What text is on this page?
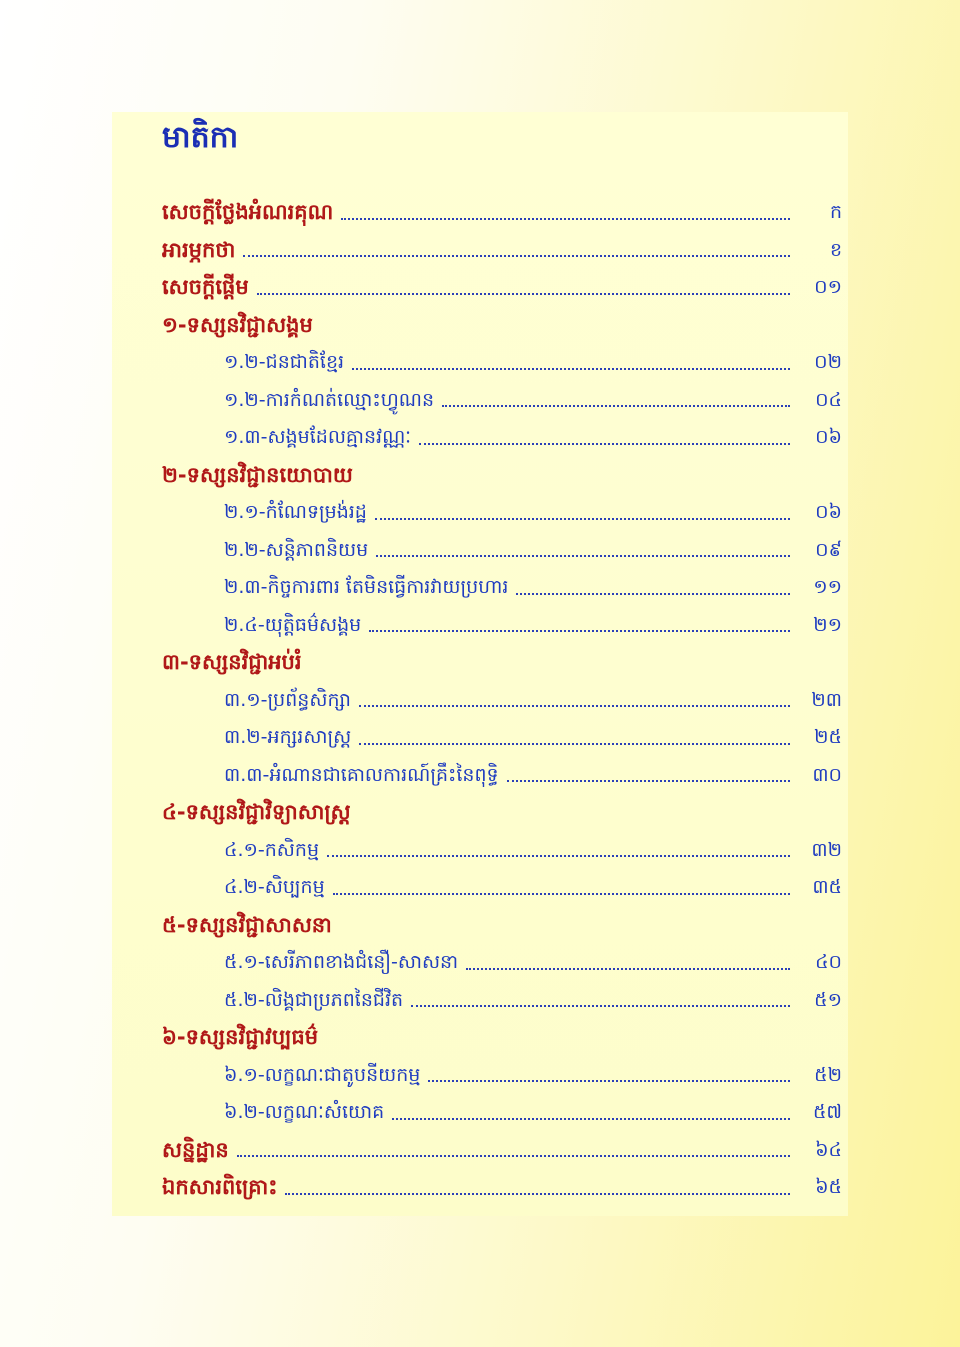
មាតិកា
សេចក្តីថ្លែងអំណរគុណ	ក
អារម្ភកថា	ខ
សេចក្តីផ្តើម	០១
១-ទស្សនវិជ្ជាសង្គម
១.២-ជនជាតិខ្មែរ	០២
១.២-ការកំណត់ឈ្មោះហ្វូណន	០៤
១.៣-សង្គមដែលគ្មានវណ្ណៈ	០៦
២-ទស្សនវិជ្ជានយោបាយ
២.១-កំណែទម្រង់រដ្ឋ	០៦
២.២-សន្តិភាពនិយម	០៩
២.៣-កិច្ចការពារ តែមិនធ្វើការវាយប្រហារ	១១
២.៤-យុត្តិធម៌សង្គម	២១
៣-ទស្សនវិជ្ជាអប់រំ
៣.១-ប្រព័ន្ធសិក្សា	២៣
៣.២-អក្សរសាស្ត្រ	២៥
៣.៣-អំណានជាគោលការណ៍គ្រឹះនៃពុទ្ធិ	៣០
៤-ទស្សនវិជ្ជាវិទ្យាសាស្ត្រ
៤.១-កសិកម្ម	៣២
៤.២-សិប្បកម្ម	៣៥
៥-ទស្សនវិជ្ជាសាសនា
៥.១-សេរីភាពខាងជំនឿ-សាសនា	៤០
៥.២-លិង្គជាប្រភពនៃជីវិត	៥១
៦-ទស្សនវិជ្ជាវប្បធម៌
៦.១-លក្ខណៈជាតូបនីយកម្ម	៥២
៦.២-លក្ខណៈសំយោគ	៥៧
សន្និដ្ឋាន	៦៤
ឯកសារពិគ្រោះ	៦៥
